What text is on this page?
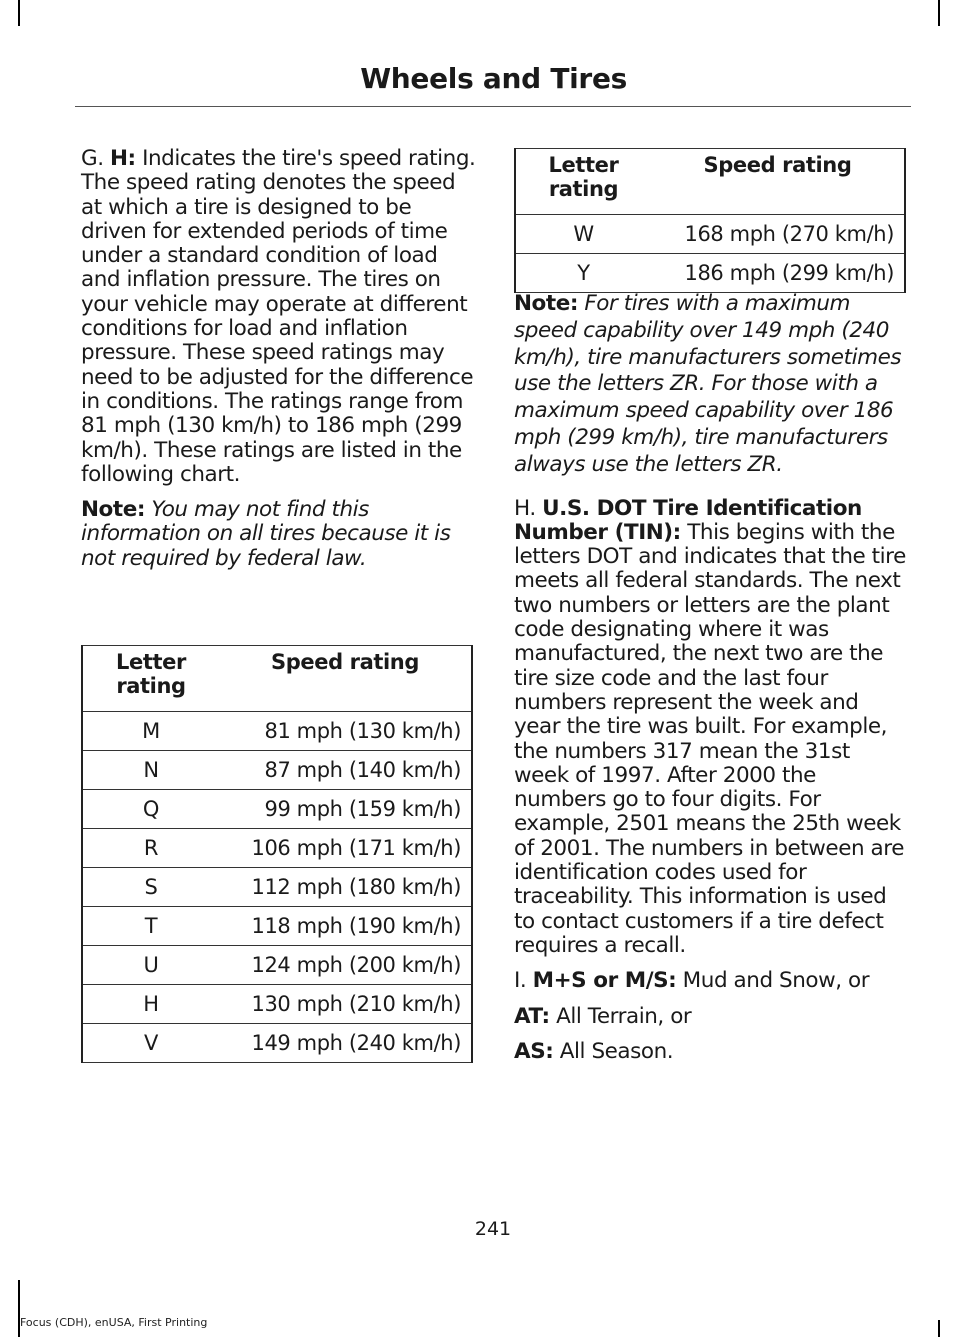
Wheels and Tires

G. H: Indicates the tire's speed rating. The speed rating denotes the speed at which a tire is designed to be driven for extended periods of time under a standard condition of load and inflation pressure. The tires on your vehicle may operate at different conditions for load and inflation pressure. These speed ratings may need to be adjusted for the difference in conditions. The ratings range from 81 mph (130 km/h) to 186 mph (299 km/h). These ratings are listed in the following chart.

Note: You may not find this information on all tires because it is not required by federal law.

Letter rating	Speed rating
M	81 mph (130 km/h)
N	87 mph (140 km/h)
Q	99 mph (159 km/h)
R	106 mph (171 km/h)
S	112 mph (180 km/h)
T	118 mph (190 km/h)
U	124 mph (200 km/h)
H	130 mph (210 km/h)
V	149 mph (240 km/h)
Letter rating	Speed rating
W	168 mph (270 km/h)
Y	186 mph (299 km/h)

Note: For tires with a maximum speed capability over 149 mph (240 km/h), tire manufacturers sometimes use the letters ZR. For those with a maximum speed capability over 186 mph (299 km/h), tire manufacturers always use the letters ZR.

H. U.S. DOT Tire Identification Number (TIN): This begins with the letters DOT and indicates that the tire meets all federal standards. The next two numbers or letters are the plant code designating where it was manufactured, the next two are the tire size code and the last four numbers represent the week and year the tire was built. For example, the numbers 317 mean the 31st week of 1997. After 2000 the numbers go to four digits. For example, 2501 means the 25th week of 2001. The numbers in between are identification codes used for traceability. This information is used to contact customers if a tire defect requires a recall.

I. M+S or M/S: Mud and Snow, or

AT: All Terrain, or

AS: All Season.

241
Focus (CDH), enUSA, First Printing
